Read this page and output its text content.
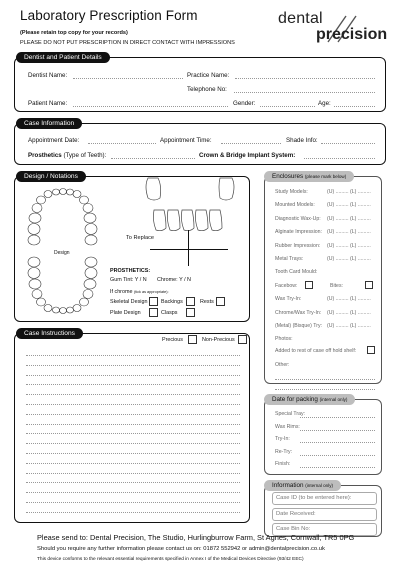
Laboratory Prescription Form
(Please retain top copy for your records)
PLEASE DO NOT PUT PRESCRIPTION IN DIRECT CONTACT WITH IMPRESSIONS
dental
precision
Dentist and Patient Details
Dentist Name:	Practice Name:
Telephone No:
Patient Name:	Gender:	Age:
Case Information
Appointment Date:	Appointment Time:	Shade Info:
Prosthetics (Type of Teeth):	Crown & Bridge Implant System:
Design / Notations
Design
To Replace
PROSTHETICS:
Gum Tint: Y / N Chrome: Y / N
If chrome (tick as appropriate):
Skeletal Design	Backings	Rests
Plate Design	Clasps
Enclosures (please mark below)
Study Models:	(U) ......... (L) .........
Mounted Models: (U) ......... (L) .........
Diagnostic Wax-Up: (U) ......... (L) .........
Alginate Impression: (U) ......... (L) .........
Rubber Impression: (U) ......... (L) .........
Metal Trays:	(U) ......... (L) .........
Tooth Card Mould:
Facebow:	Bites:
Wax Try-In:	(U) ......... (L) .........
Chrome/Wax Try-In: (U) ......... (L) .........
(Metal) (Bisque) Try: (U) ......... (L) .........
Photos:
Added to rest of case off hold shelf:
Other:
Case Instructions
Precious	Non-Precious
Date for packing (internal only)
Special Tray:
Wax Rims:
Try-In:
Re-Try:
Finish:
Information (internal only)
Case ID (to be entered here):
Date Received:
Case Bin No:
Please send to: Dental Precision, The Studio, Hurlingburrow Farm, St Agnes, Cornwall, TR5 0PG
Should you require any further information please contact us on: 01872 552942 or admin@dentalprecision.co.uk
This device conforms to the relevant essential requirements specified in Annex I of the Medical Devices Directive (93/42 EEC)
